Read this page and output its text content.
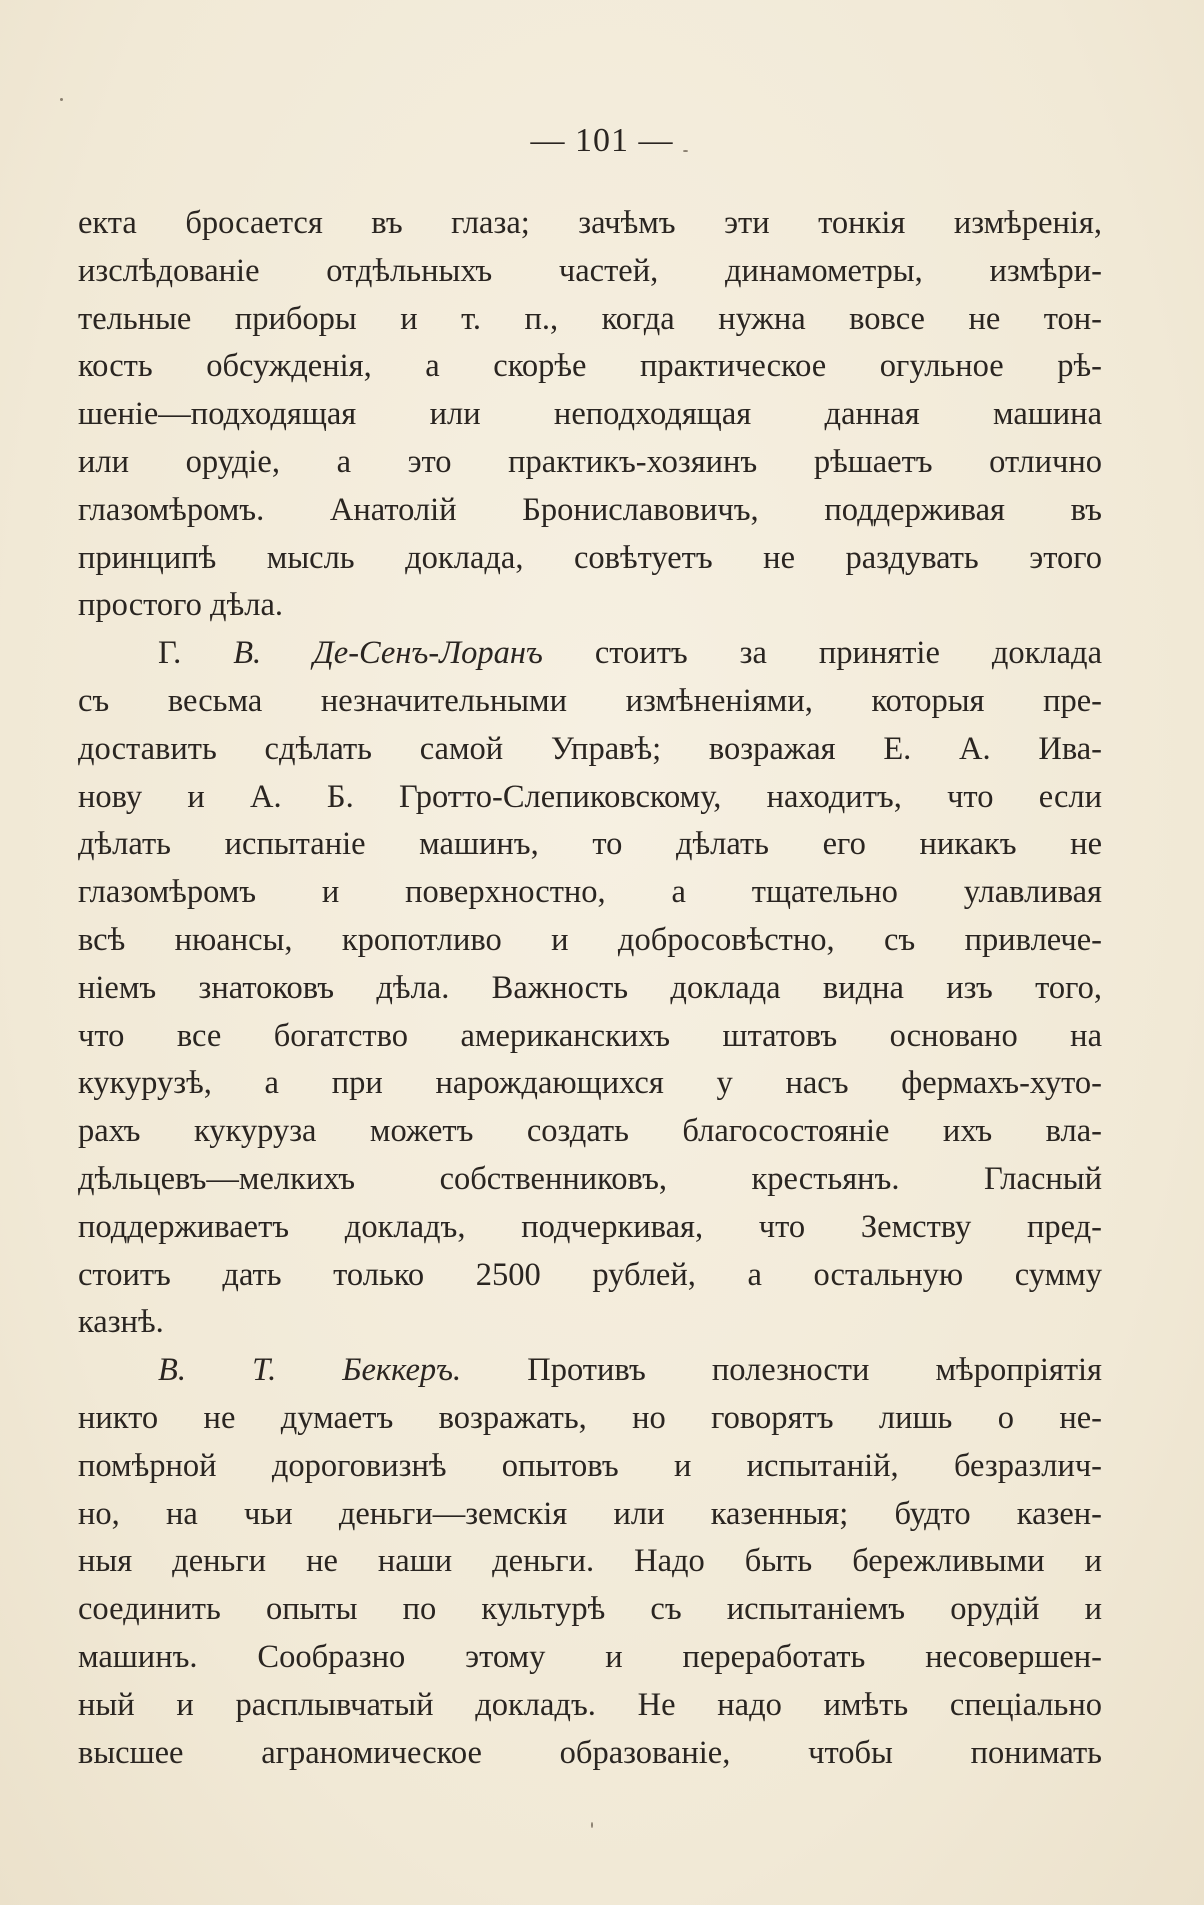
— 101 —
екта бросается въ глаза; зачѣмъ эти тонкія измѣренія,
изслѣдованіе отдѣльныхъ частей, динамометры, измѣри-
тельные приборы и т. п., когда нужна вовсе не тон-
кость обсужденія, а скорѣе практическое огульное рѣ-
шеніе—подходящая или неподходящая данная машина
или орудіе, а это практикъ-хозяинъ рѣшаетъ отлично
глазомѣромъ. Анатолій Брониславовичъ, поддерживая въ
принципѣ мысль доклада, совѣтуетъ не раздувать этого
простого дѣла.
Г. В. Де-Сенъ-Лоранъ стоитъ за принятіе доклада
съ весьма незначительными измѣненіями, которыя пре-
доставить сдѣлать самой Управѣ; возражая Е. А. Ива-
нову и А. Б. Гротто-Слепиковскому, находитъ, что если
дѣлать испытаніе машинъ, то дѣлать его никакъ не
глазомѣромъ и поверхностно, а тщательно улавливая
всѣ нюансы, кропотливо и добросовѣстно, съ привлече-
ніемъ знатоковъ дѣла. Важность доклада видна изъ того,
что все богатство американскихъ штатовъ основано на
кукурузѣ, а при нарождающихся у насъ фермахъ-хуто-
рахъ кукуруза можетъ создать благосостояніе ихъ вла-
дѣльцевъ—мелкихъ собственниковъ, крестьянъ. Гласный
поддерживаетъ докладъ, подчеркивая, что Земству пред-
стоитъ дать только 2500 рублей, а остальную сумму
казнѣ.
В. Т. Беккеръ. Противъ полезности мѣропріятія
никто не думаетъ возражать, но говорятъ лишь о не-
помѣрной дороговизнѣ опытовъ и испытаній, безразлич-
но, на чьи деньги—земскія или казенныя; будто казен-
ныя деньги не наши деньги. Надо быть бережливыми и
соединить опыты по культурѣ съ испытаніемъ орудій и
машинъ. Сообразно этому и переработать несовершен-
ный и расплывчатый докладъ. Не надо имѣть спеціально
высшее аграномическое образованіе, чтобы понимать
